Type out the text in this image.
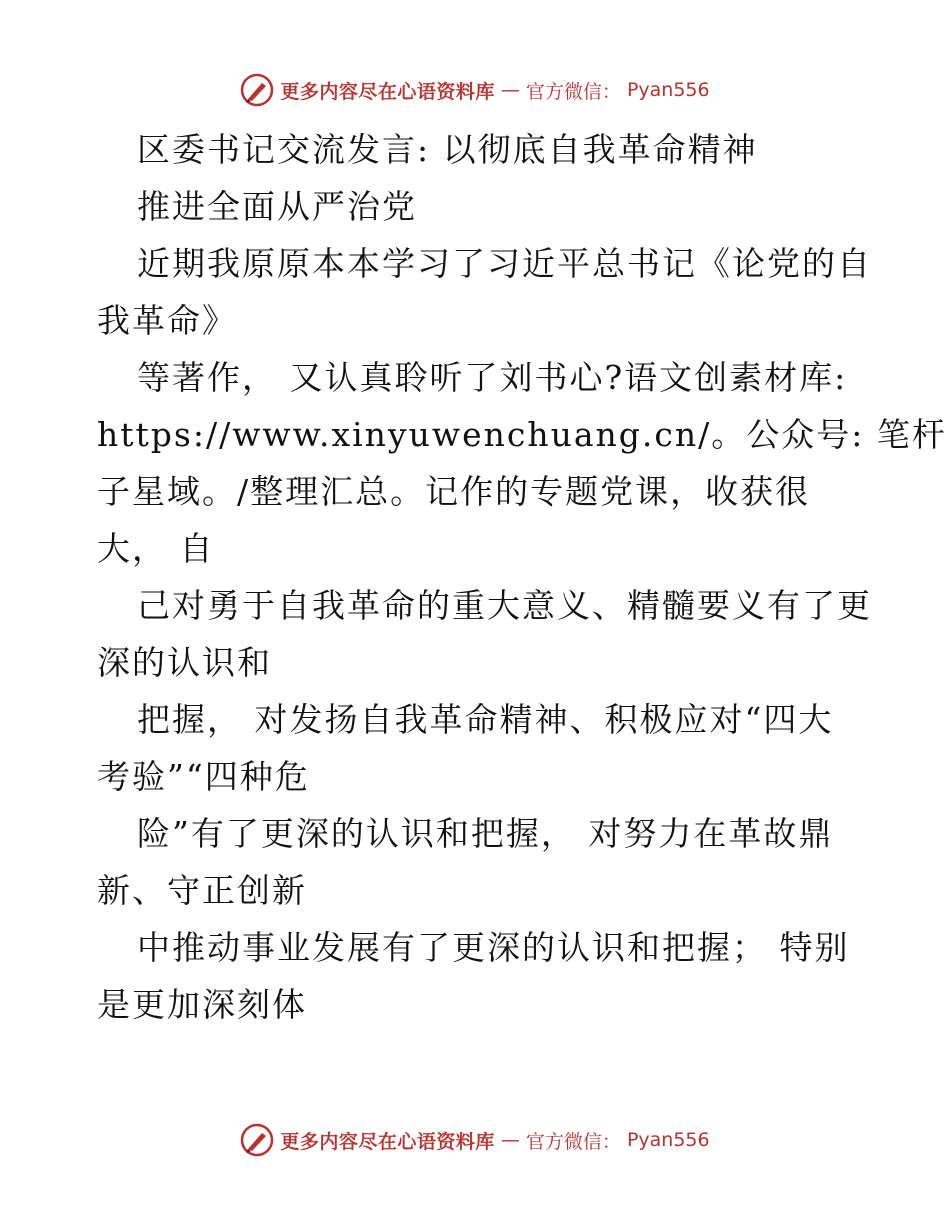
更多内容尽在心语资料库 — 官方微信： Pyan556
区委书记交流发言: 以彻底自我革命精神
推进全面从严治党
近期我原原本本学习了习近平总书记《论党的自
我革命》
等著作， 又认真聆听了刘书心?语文创素材库:
https://www.xinyuwenchuang.cn/。公众号: 笔杆
子星域。/整理汇总。记作的专题党课，收获很
大， 自
己对勇于自我革命的重大意义、精髓要义有了更
深的认识和
把握， 对发扬自我革命精神、积极应对“四大
考验”“四种危
险”有了更深的认识和把握， 对努力在革故鼎
新、守正创新
中推动事业发展有了更深的认识和把握； 特别
是更加深刻体
更多内容尽在心语资料库 — 官方微信： Pyan556
